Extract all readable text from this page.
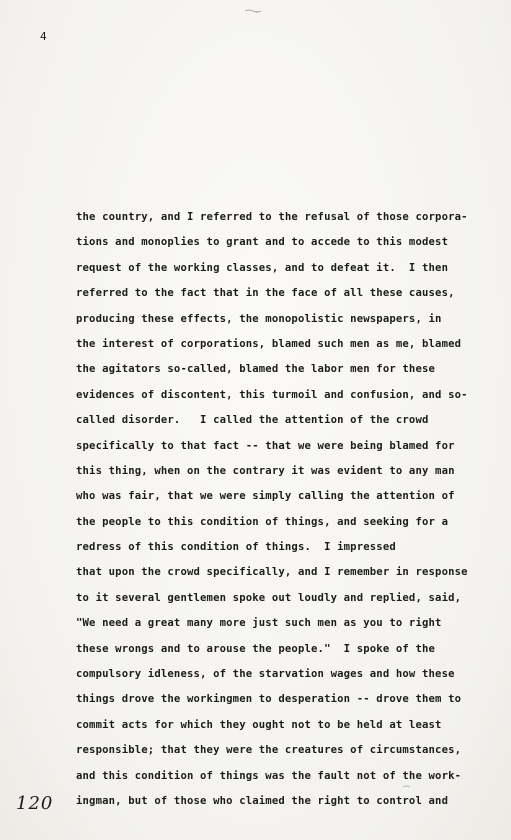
4
the country, and I referred to the refusal of those corpora-
tions and monoplies to grant and to accede to this modest
request of the working classes, and to defeat it.  I then
referred to the fact that in the face of all these causes,
producing these effects, the monopolistic newspapers, in
the interest of corporations, blamed such men as me, blamed
the agitators so-called, blamed the labor men for these
evidences of discontent, this turmoil and confusion, and so-
called disorder.   I called the attention of the crowd
specifically to that fact -- that we were being blamed for
this thing, when on the contrary it was evident to any man
who was fair, that we were simply calling the attention of
the people to this condition of things, and seeking for a
redress of this condition of things.  I impressed
that upon the crowd specifically, and I remember in response
to it several gentlemen spoke out loudly and replied, said,
"We need a great many more just such men as you to right
these wrongs and to arouse the people."  I spoke of the
compulsory idleness, of the starvation wages and how these
things drove the workingmen to desperation -- drove them to
commit acts for which they ought not to be held at least
responsible; that they were the creatures of circumstances,
and this condition of things was the fault not of the work-
ingman, but of those who claimed the right to control and
120
